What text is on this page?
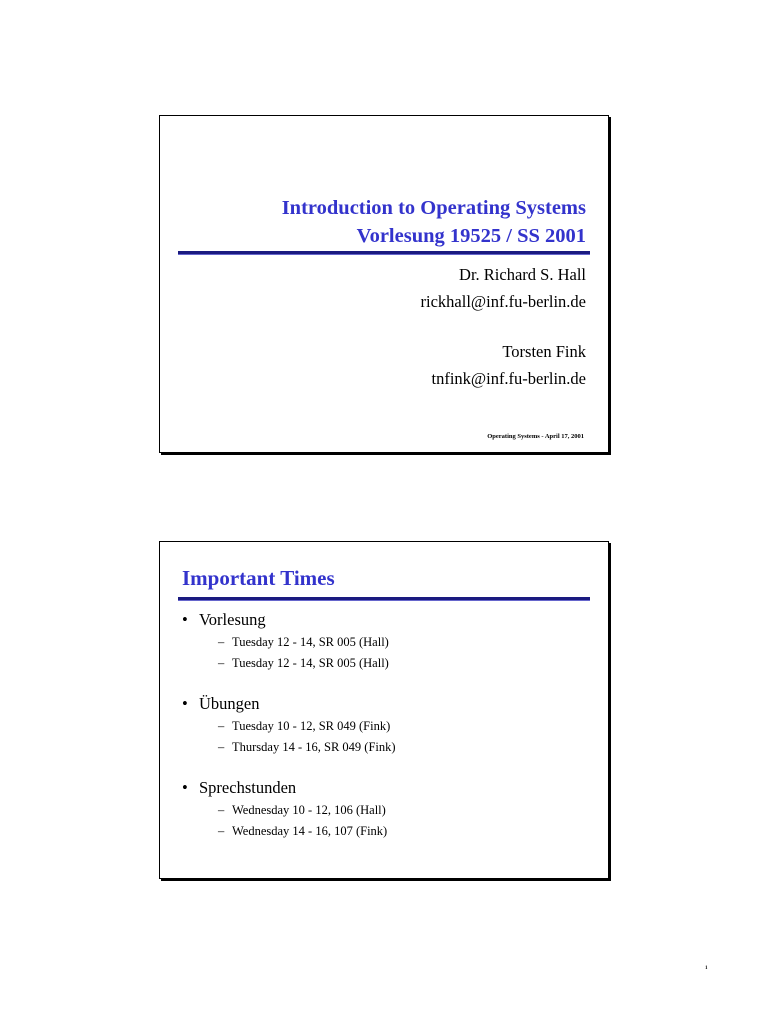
Introduction to Operating Systems
Vorlesung 19525 / SS 2001
Dr. Richard S. Hall
rickhall@inf.fu-berlin.de
Torsten Fink
tnfink@inf.fu-berlin.de
Operating Systems - April 17, 2001
Important Times
• Vorlesung
– Tuesday 12 - 14, SR 005 (Hall)
– Tuesday 12 - 14, SR 005 (Hall)
• Übungen
– Tuesday 10 - 12, SR 049 (Fink)
– Thursday 14 - 16, SR 049 (Fink)
• Sprechstunden
– Wednesday 10 - 12, 106 (Hall)
– Wednesday 14 - 16, 107 (Fink)
1
